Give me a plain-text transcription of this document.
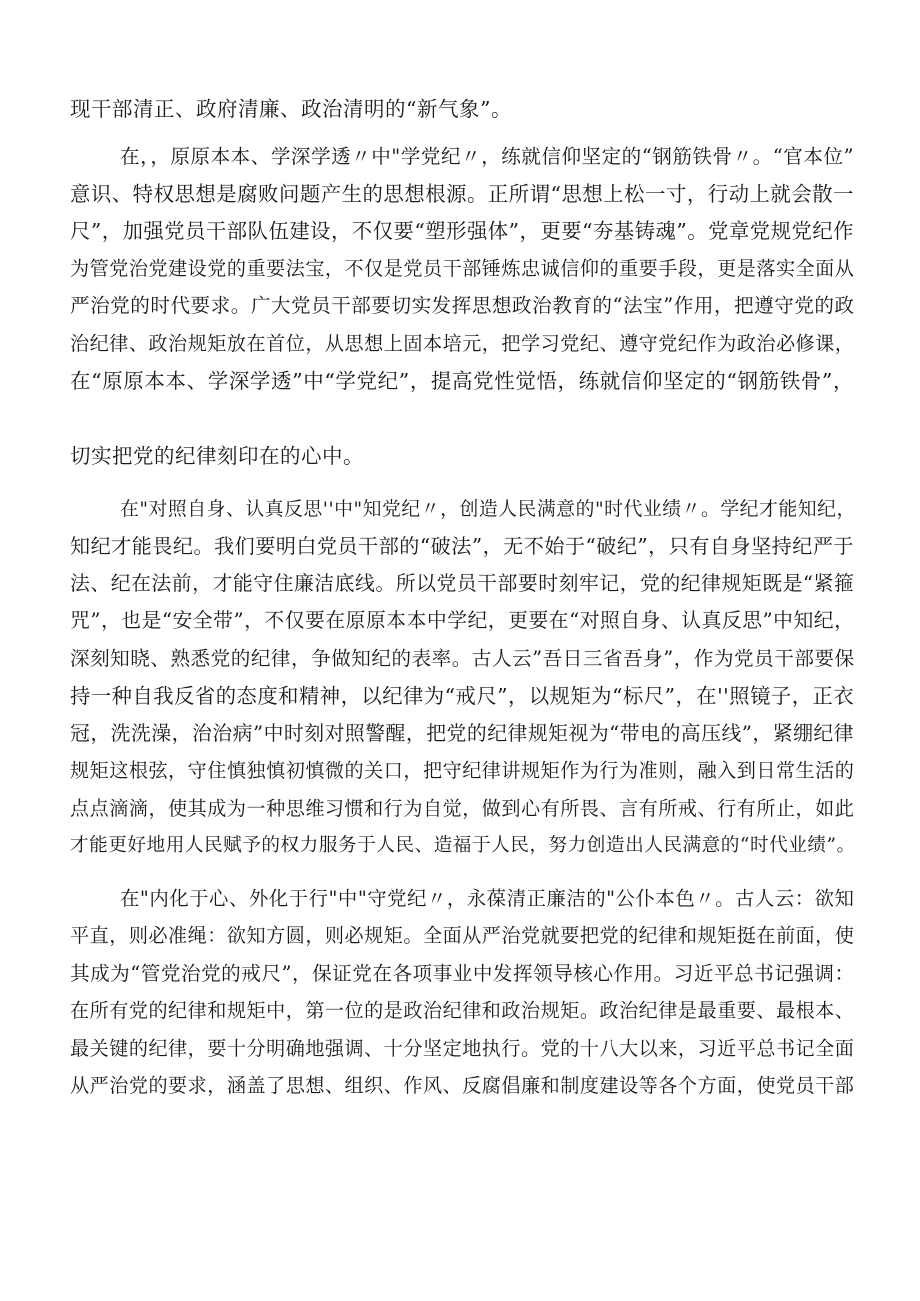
现干部清正、政府清廉、政治清明的“新气象”。
在，，原原本本、学深学透〃中"学党纪〃，练就信仰坚定的“钢筋铁骨〃。“官本位”
意识、特权思想是腐败问题产生的思想根源。正所谓“思想上松一寸，行动上就会散一
尺”，加强党员干部队伍建设，不仅要“塑形强体”，更要“夯基铸魂”。党章党规党纪作
为管党治党建设党的重要法宝，不仅是党员干部锤炼忠诚信仰的重要手段，更是落实全面从
严治党的时代要求。广大党员干部要切实发挥思想政治教育的“法宝”作用，把遵守党的政
治纪律、政治规矩放在首位，从思想上固本培元，把学习党纪、遵守党纪作为政治必修课，
在“原原本本、学深学透”中“学党纪”，提高党性觉悟，练就信仰坚定的“钢筋铁骨”，
切实把党的纪律刻印在的心中。
在"对照自身、认真反思''中"知党纪〃，创造人民满意的"时代业绩〃。学纪才能知纪，
知纪才能畏纪。我们要明白党员干部的“破法”，无不始于“破纪”，只有自身坚持纪严于
法、纪在法前，才能守住廉洁底线。所以党员干部要时刻牢记，党的纪律规矩既是“紧箍
咒”，也是“安全带”，不仅要在原原本本中学纪，更要在“对照自身、认真反思”中知纪，
深刻知晓、熟悉党的纪律，争做知纪的表率。古人云”吾日三省吾身”，作为党员干部要保
持一种自我反省的态度和精神，以纪律为“戒尺”，以规矩为“标尺”，在''照镜子，正衣
冠，洗洗澡，治治病”中时刻对照警醒，把党的纪律规矩视为“带电的高压线”，紧绷纪律
规矩这根弦，守住慎独慎初慎微的关口，把守纪律讲规矩作为行为准则，融入到日常生活的
点点滴滴，使其成为一种思维习惯和行为自觉，做到心有所畏、言有所戒、行有所止，如此
才能更好地用人民赋予的权力服务于人民、造福于人民，努力创造出人民满意的“时代业绩”。
在"内化于心、外化于行"中"守党纪〃，永葆清正廉洁的"公仆本色〃。古人云：欲知
平直，则必准绳：欲知方圆，则必规矩。全面从严治党就要把党的纪律和规矩挺在前面，使
其成为“管党治党的戒尺”，保证党在各项事业中发挥领导核心作用。习近平总书记强调：
在所有党的纪律和规矩中，第一位的是政治纪律和政治规矩。政治纪律是最重要、最根本、
最关键的纪律，要十分明确地强调、十分坚定地执行。党的十八大以来，习近平总书记全面
从严治党的要求，涵盖了思想、组织、作风、反腐倡廉和制度建设等各个方面，使党员干部
